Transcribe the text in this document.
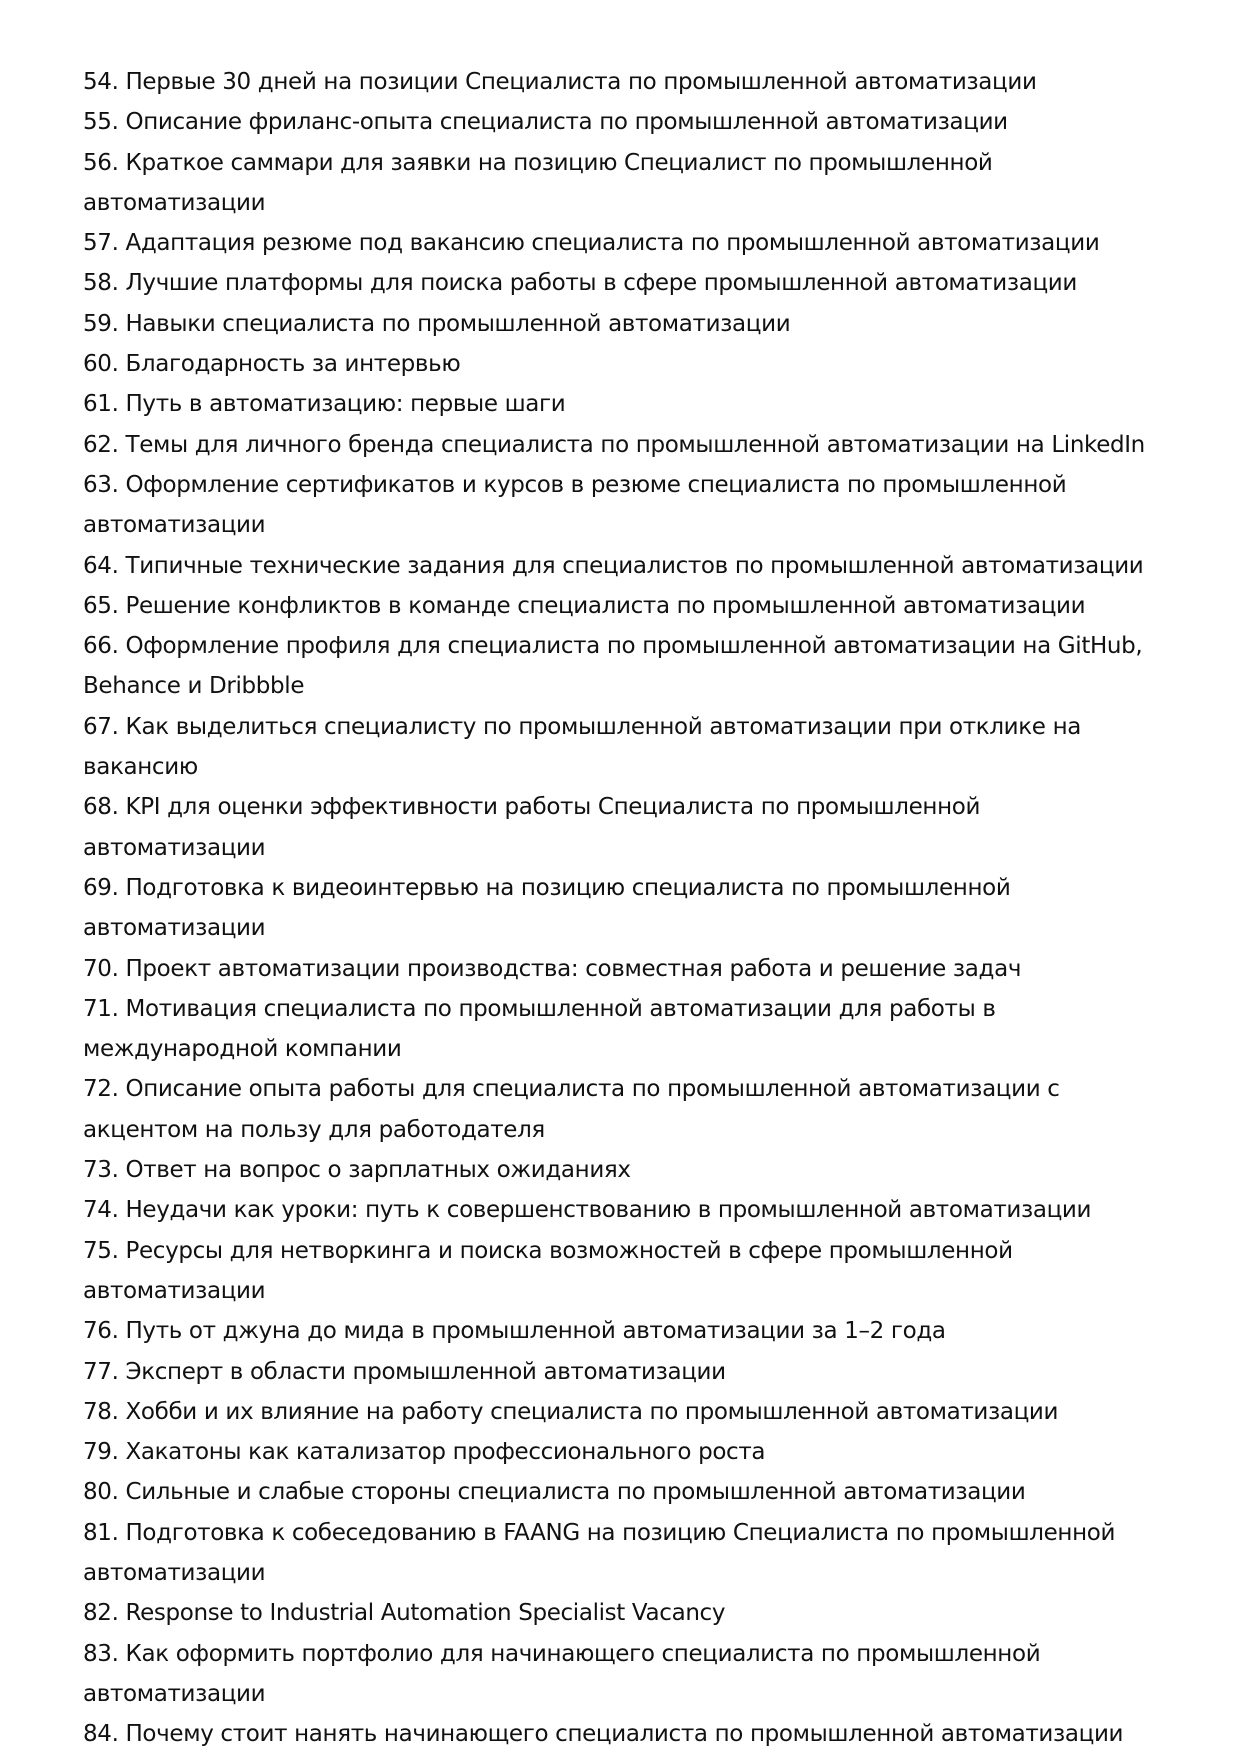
54. Первые 30 дней на позиции Специалиста по промышленной автоматизации
55. Описание фриланс-опыта специалиста по промышленной автоматизации
56. Краткое саммари для заявки на позицию Специалист по промышленной автоматизации
57. Адаптация резюме под вакансию специалиста по промышленной автоматизации
58. Лучшие платформы для поиска работы в сфере промышленной автоматизации
59. Навыки специалиста по промышленной автоматизации
60. Благодарность за интервью
61. Путь в автоматизацию: первые шаги
62. Темы для личного бренда специалиста по промышленной автоматизации на LinkedIn
63. Оформление сертификатов и курсов в резюме специалиста по промышленной автоматизации
64. Типичные технические задания для специалистов по промышленной автоматизации
65. Решение конфликтов в команде специалиста по промышленной автоматизации
66. Оформление профиля для специалиста по промышленной автоматизации на GitHub, Behance и Dribbble
67. Как выделиться специалисту по промышленной автоматизации при отклике на вакансию
68. KPI для оценки эффективности работы Специалиста по промышленной автоматизации
69. Подготовка к видеоинтервью на позицию специалиста по промышленной автоматизации
70. Проект автоматизации производства: совместная работа и решение задач
71. Мотивация специалиста по промышленной автоматизации для работы в международной компании
72. Описание опыта работы для специалиста по промышленной автоматизации с акцентом на пользу для работодателя
73. Ответ на вопрос о зарплатных ожиданиях
74. Неудачи как уроки: путь к совершенствованию в промышленной автоматизации
75. Ресурсы для нетворкинга и поиска возможностей в сфере промышленной автоматизации
76. Путь от джуна до мида в промышленной автоматизации за 1–2 года
77. Эксперт в области промышленной автоматизации
78. Хобби и их влияние на работу специалиста по промышленной автоматизации
79. Хакатоны как катализатор профессионального роста
80. Сильные и слабые стороны специалиста по промышленной автоматизации
81. Подготовка к собеседованию в FAANG на позицию Специалиста по промышленной автоматизации
82. Response to Industrial Automation Specialist Vacancy
83. Как оформить портфолио для начинающего специалиста по промышленной автоматизации
84. Почему стоит нанять начинающего специалиста по промышленной автоматизации
